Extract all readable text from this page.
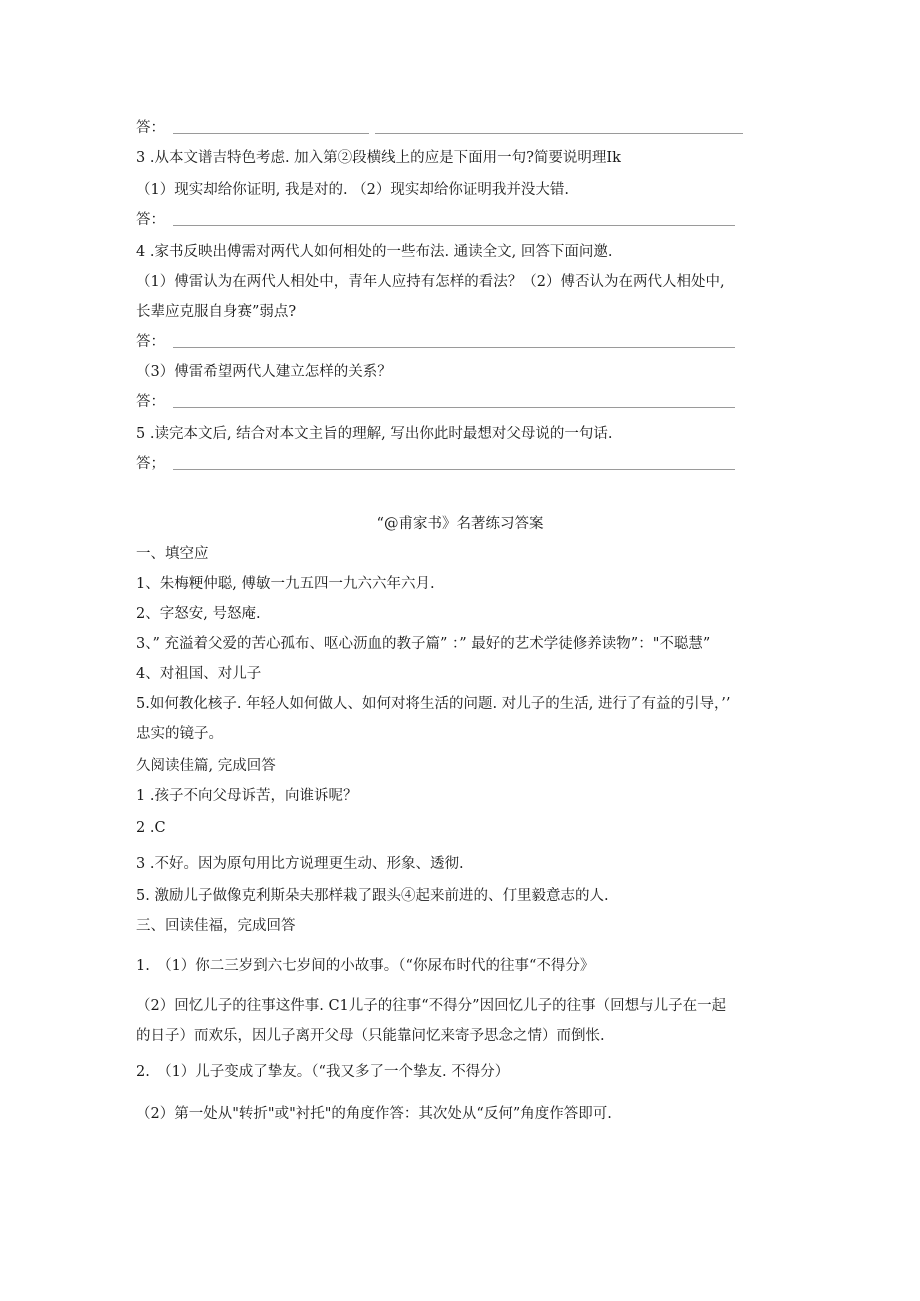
答：
3 .从本文谱吉特色考虑. 加入第②段横线上的应是下面用一句?简要说明理Ik
（1）现实却给你证明, 我是对的. （2）现实却给你证明我并没大错.
答：
4 .家书反映出傅需对两代人如何相处的一些布法. 通读全文, 回答下面问邀.
（1）傅雷认为在两代人相处中，青年人应持有怎样的看法？（2）傅否认为在两代人相处中,
长辈应克服自身赛”弱点?
答：
（3）傅雷希望两代人建立怎样的关系？
答：
5 .读完本文后, 结合对本文主旨的理解, 写出你此时最想对父母说的一句话.
答；
“@甫家书》名著练习答案
一、填空应
1、朱梅粳仲聪, 傅敏一九五四一九六六年六月.
2、字怒安, 号怒庵.
3、” 充溢着父爱的苦心孤布、呕心沥血的教子篇” ：” 最好的艺术学徒修养读物”："不聪慧”
4、对祖国、对儿子
5.如何教化核子. 年轻人如何做人、如何对将生活的问题. 对儿子的生活, 进行了有益的引导，’’
忠实的镜子。
久阅读佳篇, 完成回答
1 .孩子不向父母诉苦，向谁诉呢？
2 .C
3 .不好。因为原句用比方说理更生动、形象、透彻.
5. 激励儿子做像克利斯朵夫那样栽了跟头④起来前进的、仃里毅意志的人.
三、回读佳福，完成回答
1.　（1）你二三岁到六七岁间的小故事。（“你尿布时代的往事“不得分》
（2）回忆儿子的往事这件事. C1儿子的往事“不得分”因回忆儿子的往事（回想与儿子在一起
的日子）而欢乐，因儿子离开父母（只能靠问忆来寄予思念之情）而倒怅.
2.　（1）儿子变成了挚友。（“我又多了一个挚友. 不得分）
（2）第一处从"转折"或"衬托"的角度作答：其次处从“反何”角度作答即可.
